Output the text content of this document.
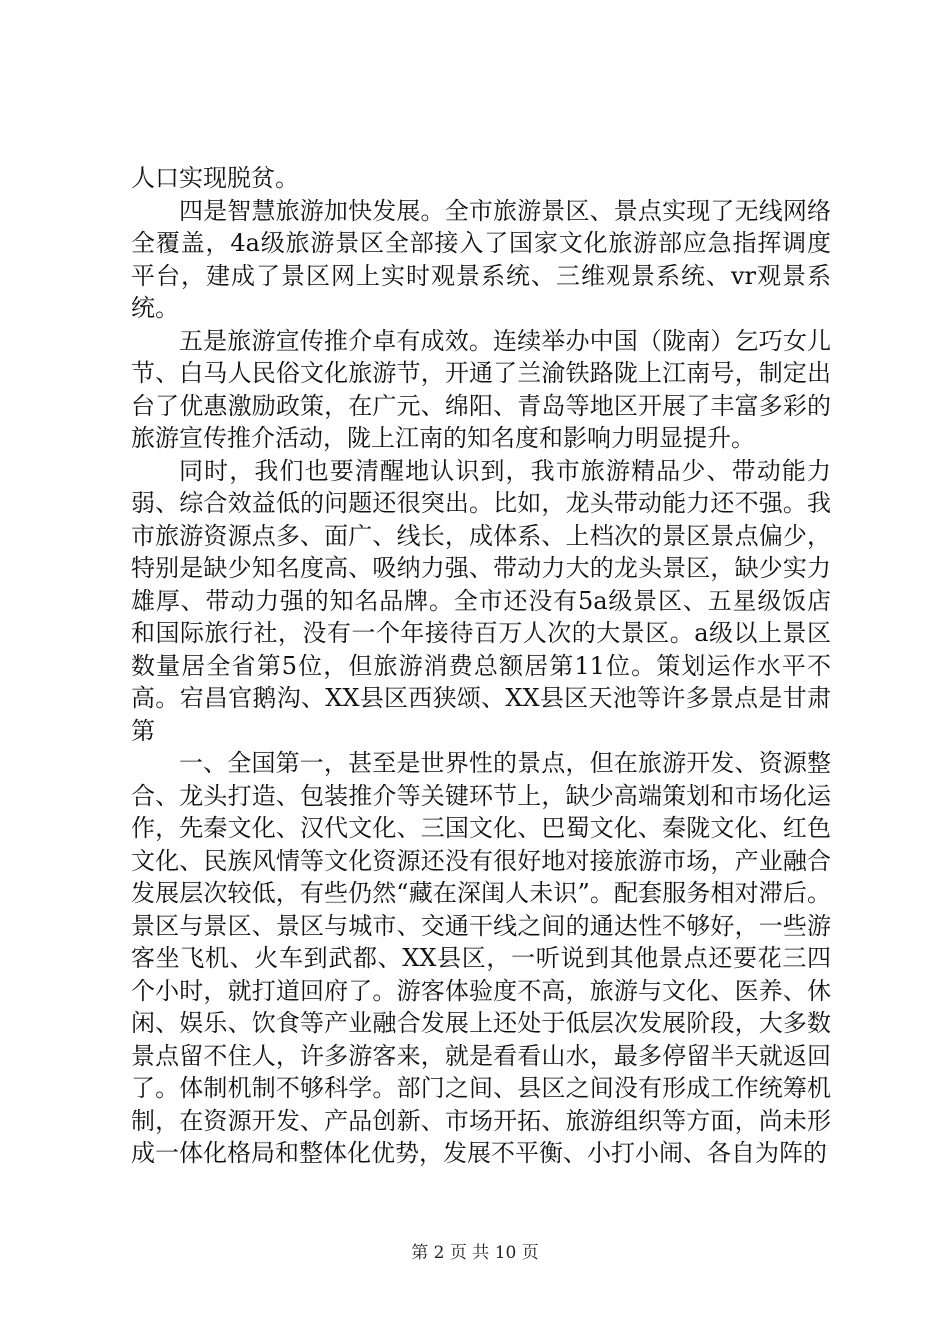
人口实现脱贫。

四是智慧旅游加快发展。全市旅游景区、景点实现了无线网络全覆盖，4a级旅游景区全部接入了国家文化旅游部应急指挥调度平台，建成了景区网上实时观景系统、三维观景系统、vr观景系统。

五是旅游宣传推介卓有成效。连续举办中国（陇南）乞巧女儿节、白马人民俗文化旅游节，开通了兰渝铁路陇上江南号，制定出台了优惠激励政策，在广元、绵阳、青岛等地区开展了丰富多彩的旅游宣传推介活动，陇上江南的知名度和影响力明显提升。

同时，我们也要清醒地认识到，我市旅游精品少、带动能力弱、综合效益低的问题还很突出。比如，龙头带动能力还不强。我市旅游资源点多、面广、线长，成体系、上档次的景区景点偏少，特别是缺少知名度高、吸纳力强、带动力大的龙头景区，缺少实力雄厚、带动力强的知名品牌。全市还没有5a级景区、五星级饭店和国际旅行社，没有一个年接待百万人次的大景区。a级以上景区数量居全省第5位，但旅游消费总额居第11位。策划运作水平不高。宕昌官鹅沟、XX县区西狭颂、XX县区天池等许多景点是甘肃第

一、全国第一，甚至是世界性的景点，但在旅游开发、资源整合、龙头打造、包装推介等关键环节上，缺少高端策划和市场化运作，先秦文化、汉代文化、三国文化、巴蜀文化、秦陇文化、红色文化、民族风情等文化资源还没有很好地对接旅游市场，产业融合发展层次较低，有些仍然“藏在深闺人未识”。配套服务相对滞后。景区与景区、景区与城市、交通干线之间的通达性不够好，一些游客坐飞机、火车到武都、XX县区，一听说到其他景点还要花三四个小时，就打道回府了。游客体验度不高，旅游与文化、医养、休闲、娱乐、饮食等产业融合发展上还处于低层次发展阶段，大多数景点留不住人，许多游客来，就是看看山水，最多停留半天就返回了。体制机制不够科学。部门之间、县区之间没有形成工作统筹机制，在资源开发、产品创新、市场开拓、旅游组织等方面，尚未形成一体化格局和整体化优势，发展不平衡、小打小闹、各自为阵的

第 2 页 共 10 页
